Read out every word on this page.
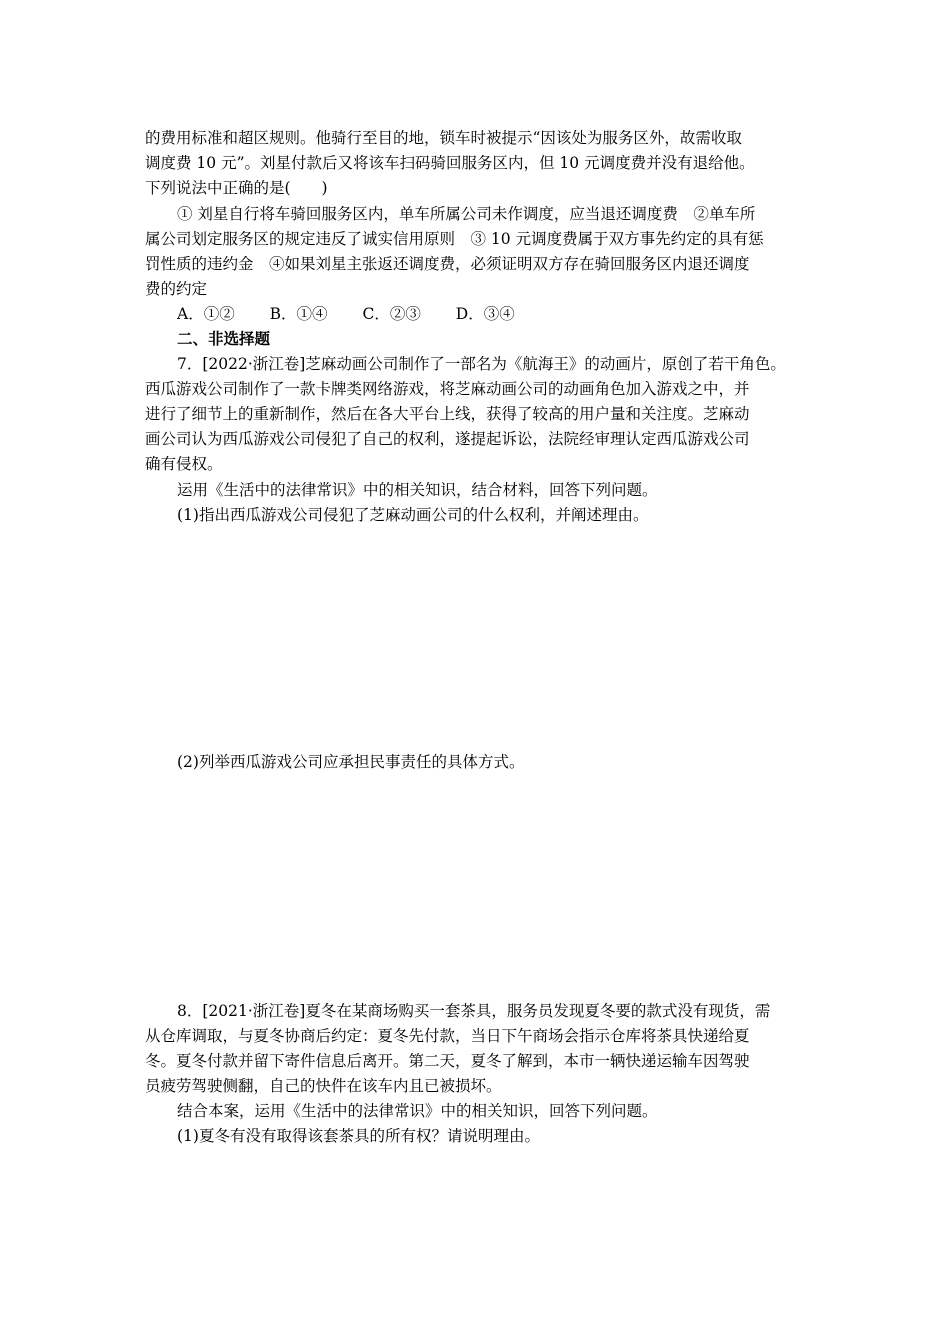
的费用标准和超区规则。他骑行至目的地，锁车时被提示“因该处为服务区外，故需收取
调度费 10 元”。刘星付款后又将该车扫码骑回服务区内，但 10 元调度费并没有退给他。
下列说法中正确的是(　　)
① 刘星自行将车骑回服务区内，单车所属公司未作调度，应当退还调度费　②单车所
属公司划定服务区的规定违反了诚实信用原则　③ 10 元调度费属于双方事先约定的具有惩
罚性质的违约金　④如果刘星主张返还调度费，必须证明双方存在骑回服务区内退还调度
费的约定
A．①② B．①④ C．②③ D．③④
二、非选择题
7．[2022·浙江卷]芝麻动画公司制作了一部名为《航海王》的动画片，原创了若干角色。
西瓜游戏公司制作了一款卡牌类网络游戏，将芝麻动画公司的动画角色加入游戏之中，并
进行了细节上的重新制作，然后在各大平台上线，获得了较高的用户量和关注度。芝麻动
画公司认为西瓜游戏公司侵犯了自己的权利，遂提起诉讼，法院经审理认定西瓜游戏公司
确有侵权。
运用《生活中的法律常识》中的相关知识，结合材料，回答下列问题。
(1)指出西瓜游戏公司侵犯了芝麻动画公司的什么权利，并阐述理由。
(2)列举西瓜游戏公司应承担民事责任的具体方式。
8．[2021·浙江卷]夏冬在某商场购买一套茶具，服务员发现夏冬要的款式没有现货，需
从仓库调取，与夏冬协商后约定：夏冬先付款，当日下午商场会指示仓库将茶具快递给夏
冬。夏冬付款并留下寄件信息后离开。第二天，夏冬了解到，本市一辆快递运输车因驾驶
员疲劳驾驶侧翻，自己的快件在该车内且已被损坏。
结合本案，运用《生活中的法律常识》中的相关知识，回答下列问题。
(1)夏冬有没有取得该套茶具的所有权？请说明理由。
